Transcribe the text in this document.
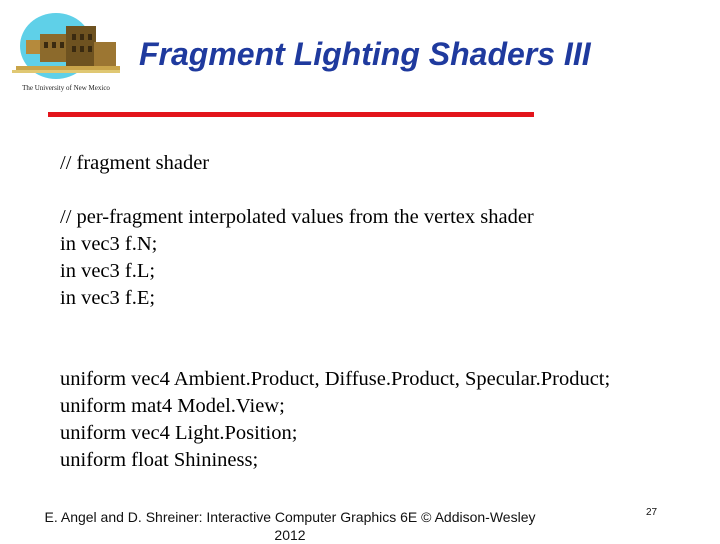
The University of New Mexico
Fragment Lighting Shaders III
// fragment shader
// per-fragment interpolated values from the vertex shader
in vec3 f.N;
in vec3 f.L;
in vec3 f.E;
uniform vec4 Ambient.Product, Diffuse.Product, Specular.Product;
uniform mat4 Model.View;
uniform vec4 Light.Position;
uniform float Shininess;
E. Angel and D. Shreiner: Interactive Computer Graphics 6E © Addison-Wesley
2012
27
